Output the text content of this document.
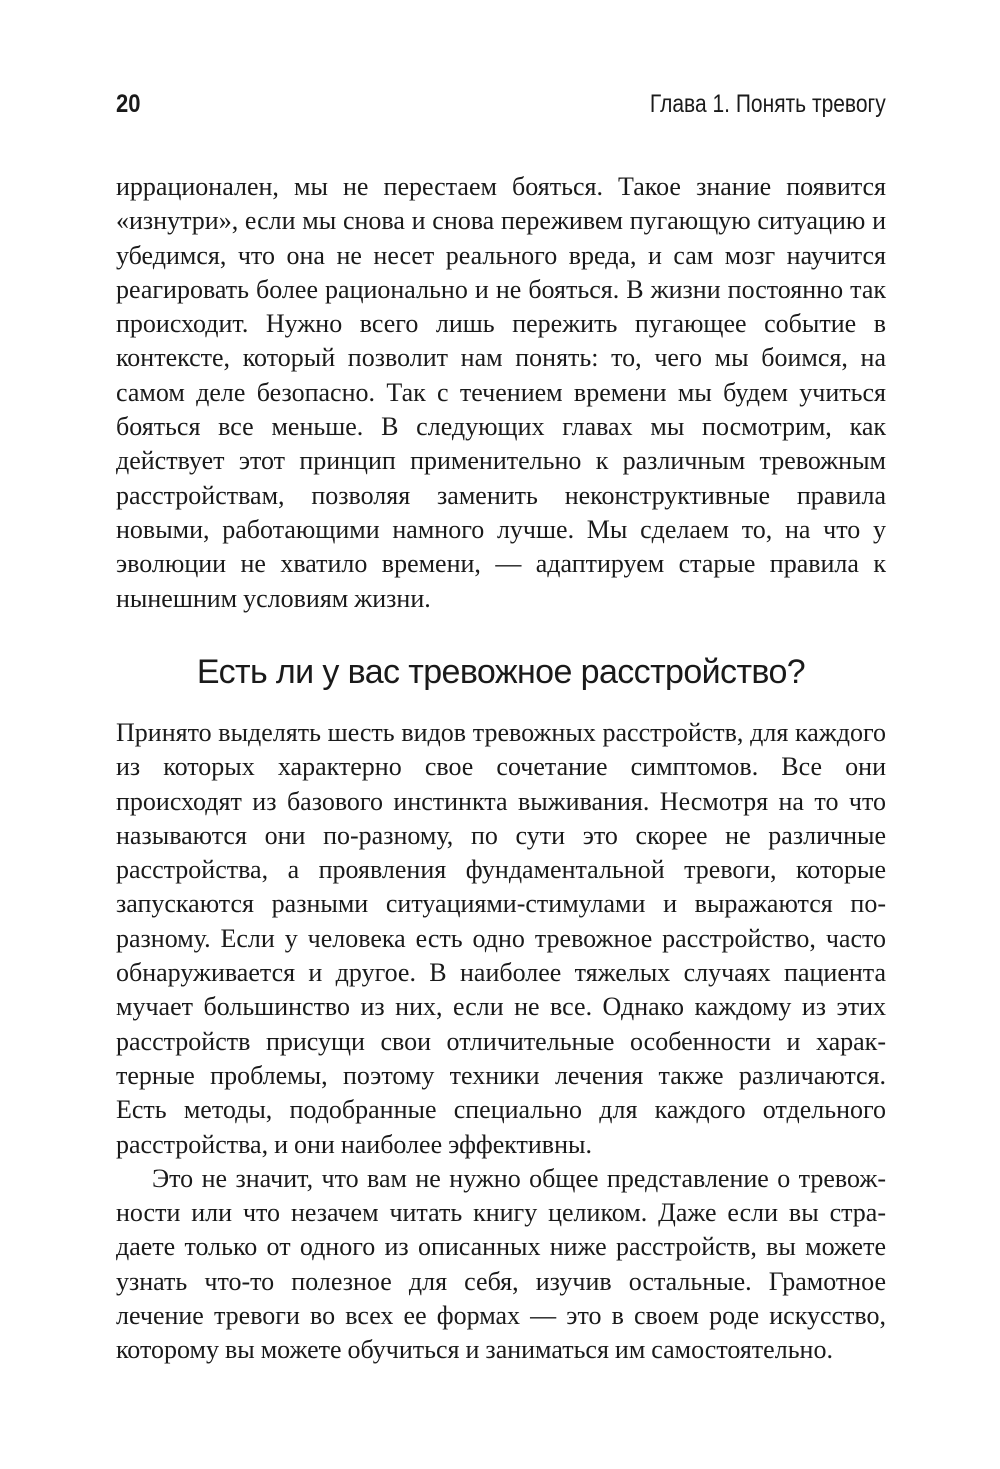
20	Глава 1. Понять тревогу

иррационален, мы не перестаем бояться. Такое знание появится «изнутри», если мы снова и снова переживем пугающую ситуацию и убедимся, что она не несет реального вреда, и сам мозг научится реагировать более рационально и не бояться. В жизни постоянно так происходит. Нужно всего лишь пережить пугающее событие в контексте, который позволит нам понять: то, чего мы боимся, на самом деле безопасно. Так с течением времени мы будем учиться бояться все меньше. В следующих главах мы посмотрим, как действует этот принцип применительно к различным тревожным расстройствам, позволяя заменить неконструктивные правила новыми, работающими намного лучше. Мы сделаем то, на что у эволюции не хватило времени, — адаптируем старые правила к нынешним условиям жизни.

Есть ли у вас тревожное расстройство?

Принято выделять шесть видов тревожных расстройств, для каждого из которых характерно свое сочетание симптомов. Все они происходят из базового инстинкта выживания. Несмотря на то что называются они по-разному, по сути это скорее не различные расстройства, а проявления фундаментальной тревоги, которые запускаются разными ситуациями-стимулами и выражаются по-разному. Если у человека есть одно тревожное расстройство, часто обнаруживается и другое. В наиболее тяжелых случаях пациента мучает большинство из них, если не все. Однако каждому из этих расстройств присущи свои отличительные особенности и характерные проблемы, поэтому техники лечения также различаются. Есть методы, подобранные специально для каждого отдельного расстройства, и они наиболее эффективны.

Это не значит, что вам не нужно общее представление о тревожности или что незачем читать книгу целиком. Даже если вы страдаете только от одного из описанных ниже расстройств, вы можете узнать что-то полезное для себя, изучив остальные. Грамотное лечение тревоги во всех ее формах — это в своем роде искусство, которому вы можете обучиться и заниматься им самостоятельно.
